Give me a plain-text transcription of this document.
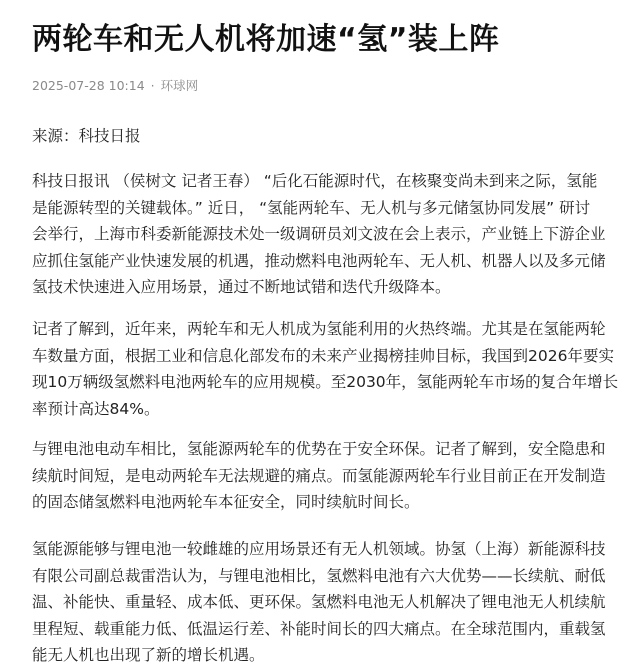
两轮车和无人机将加速“氢”装上阵
2025-07-28 10:14 · 环球网
来源：科技日报
科技日报讯 （侯树文 记者王春） “后化石能源时代，在核聚变尚未到来之际，氢能
是能源转型的关键载体。” 近日， “氢能两轮车、无人机与多元储氢协同发展” 研讨
会举行，上海市科委新能源技术处一级调研员刘文波在会上表示，产业链上下游企业
应抓住氢能产业快速发展的机遇，推动燃料电池两轮车、无人机、机器人以及多元储
氢技术快速进入应用场景，通过不断地试错和迭代升级降本。
记者了解到，近年来，两轮车和无人机成为氢能利用的火热终端。尤其是在氢能两轮
车数量方面，根据工业和信息化部发布的未来产业揭榜挂帅目标，我国到2026年要实
现10万辆级氢燃料电池两轮车的应用规模。至2030年，氢能两轮车市场的复合年增长
率预计高达84%。
与锂电池电动车相比，氢能源两轮车的优势在于安全环保。记者了解到，安全隐患和
续航时间短，是电动两轮车无法规避的痛点。而氢能源两轮车行业目前正在开发制造
的固态储氢燃料电池两轮车本征安全，同时续航时间长。
氢能源能够与锂电池一较雌雄的应用场景还有无人机领域。协氢（上海）新能源科技
有限公司副总裁雷浩认为，与锂电池相比，氢燃料电池有六大优势——长续航、耐低
温、补能快、重量轻、成本低、更环保。氢燃料电池无人机解决了锂电池无人机续航
里程短、载重能力低、低温运行差、补能时间长的四大痛点。在全球范围内，重载氢
能无人机也出现了新的增长机遇。
